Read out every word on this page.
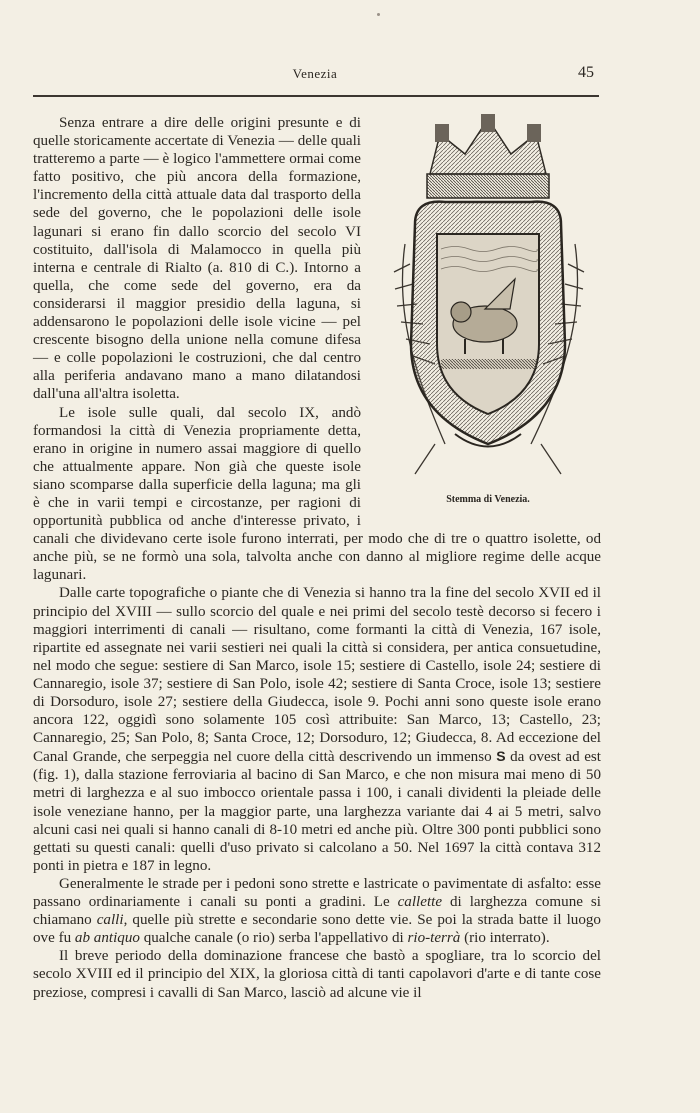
Venezia	45
Stemma di Venezia.

Senza entrare a dire delle origini presunte e di quelle storicamente accertate di Venezia — delle quali tratteremo a parte — è logico l'ammettere ormai come fatto positivo, che più ancora della formazione, l'incremento della città attuale data dal trasporto della sede del governo, che le popolazioni delle isole lagunari si erano fin dallo scorcio del secolo VI costituito, dall'isola di Malamocco in quella più interna e centrale di Rialto (a. 810 di C.). Intorno a quella, che come sede del governo, era da considerarsi il maggior presidio della laguna, si addensarono le popolazioni delle isole vicine — pel crescente bisogno della unione nella comune difesa — e colle popolazioni le costruzioni, che dal centro alla periferia andavano mano a mano dilatandosi dall'una all'altra isoletta.

Le isole sulle quali, dal secolo IX, andò formandosi la città di Venezia propriamente detta, erano in origine in numero assai maggiore di quello che attualmente appare. Non già che queste isole siano scomparse dalla superficie della laguna; ma gli è che in varii tempi e circostanze, per ragioni di opportunità pubblica od anche d'interesse privato, i canali che dividevano certe isole furono interrati, per modo che di tre o quattro isolette, od anche più, se ne formò una sola, talvolta anche con danno al migliore regime delle acque lagunari.

Dalle carte topografiche o piante che di Venezia si hanno tra la fine del secolo XVII ed il principio del XVIII — sullo scorcio del quale e nei primi del secolo testè decorso si fecero i maggiori interrimenti di canali — risultano, come formanti la città di Venezia, 167 isole, ripartite ed assegnate nei varii sestieri nei quali la città si considera, per antica consuetudine, nel modo che segue: sestiere di San Marco, isole 15; sestiere di Castello, isole 24; sestiere di Cannaregio, isole 37; sestiere di San Polo, isole 42; sestiere di Santa Croce, isole 13; sestiere di Dorsoduro, isole 27; sestiere della Giudecca, isole 9. Pochi anni sono queste isole erano ancora 122, oggidì sono solamente 105 così attribuite: San Marco, 13; Castello, 23; Cannaregio, 25; San Polo, 8; Santa Croce, 12; Dorsoduro, 12; Giudecca, 8. Ad eccezione del Canal Grande, che serpeggia nel cuore della città descrivendo un immenso S da ovest ad est (fig. 1), dalla stazione ferroviaria al bacino di San Marco, e che non misura mai meno di 50 metri di larghezza e al suo imbocco orientale passa i 100, i canali dividenti la pleiade delle isole veneziane hanno, per la maggior parte, una larghezza variante dai 4 ai 5 metri, salvo alcuni casi nei quali si hanno canali di 8-10 metri ed anche più. Oltre 300 ponti pubblici sono gettati su questi canali: quelli d'uso privato si calcolano a 50. Nel 1697 la città contava 312 ponti in pietra e 187 in legno.

Generalmente le strade per i pedoni sono strette e lastricate o pavimentate di asfalto: esse passano ordinariamente i canali su ponti a gradini. Le callette di larghezza comune si chiamano calli, quelle più strette e secondarie sono dette vie. Se poi la strada batte il luogo ove fu ab antiquo qualche canale (o rio) serba l'appellativo di rio-terrà (rio interrato).

Il breve periodo della dominazione francese che bastò a spogliare, tra lo scorcio del secolo XVIII ed il principio del XIX, la gloriosa città di tanti capolavori d'arte e di tante cose preziose, compresi i cavalli di San Marco, lasciò ad alcune vie il
